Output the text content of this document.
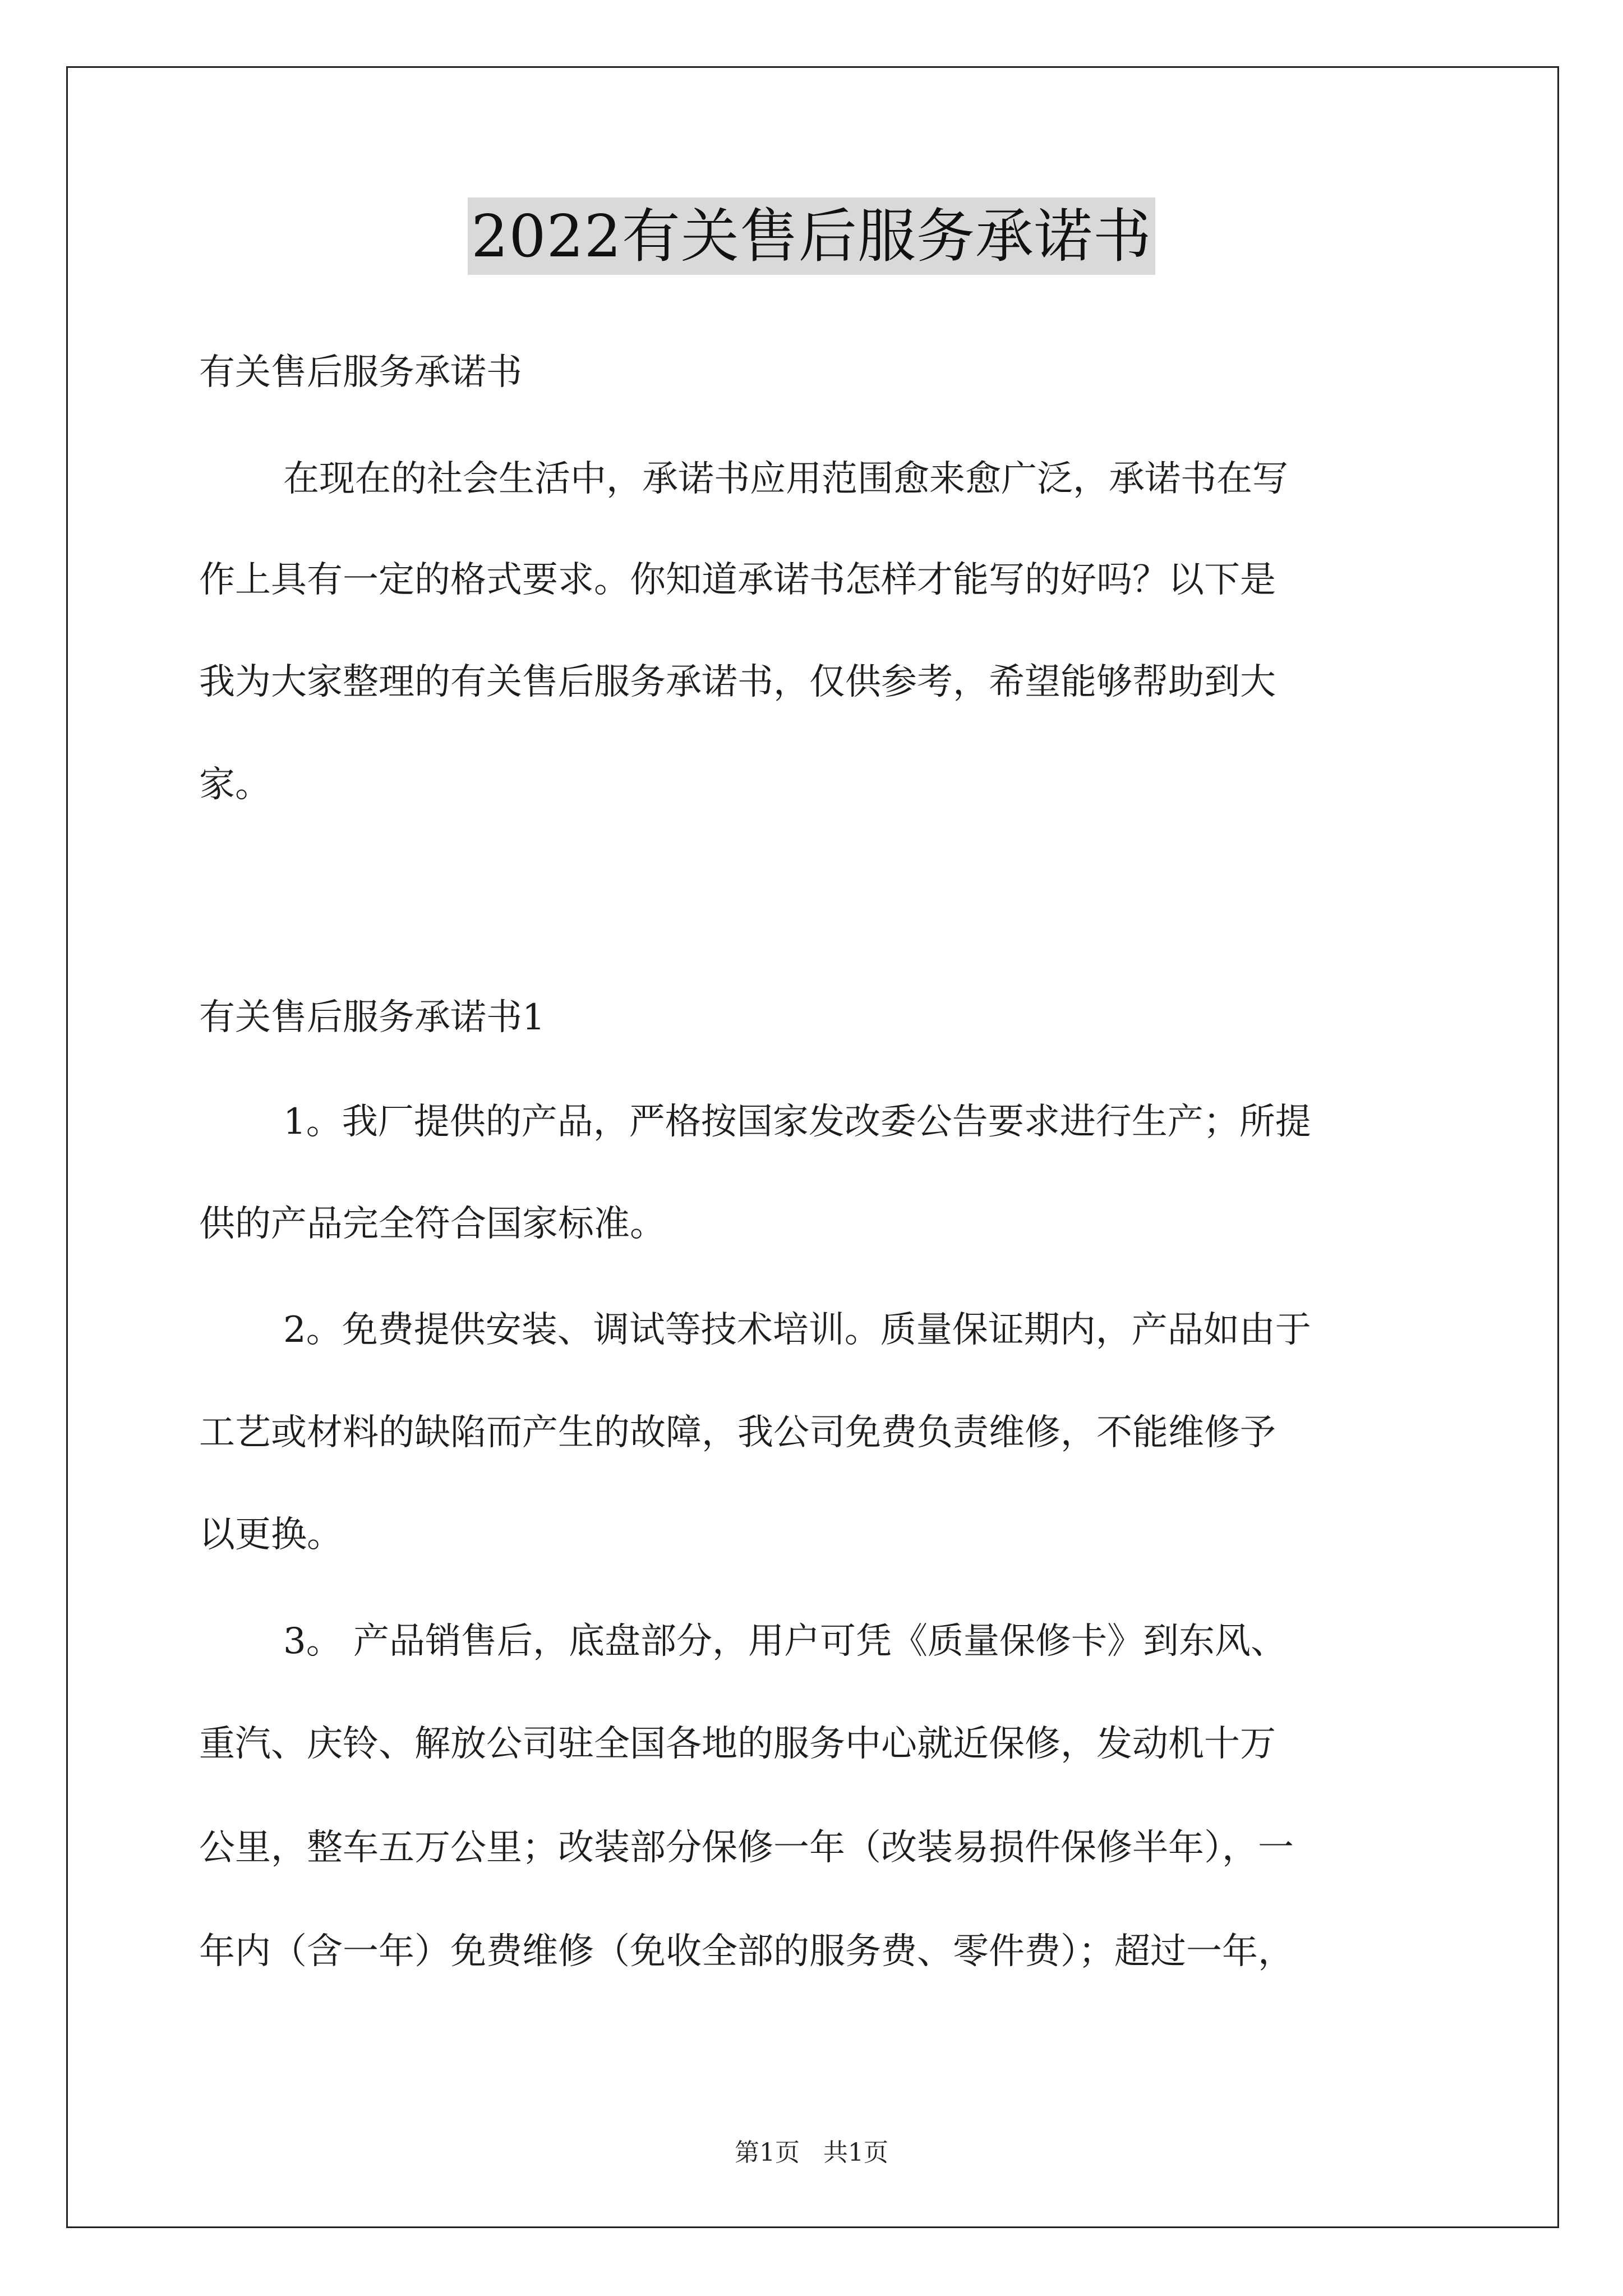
2022有关售后服务承诺书
有关售后服务承诺书
在现在的社会生活中，承诺书应用范围愈来愈广泛，承诺书在写
作上具有一定的格式要求。你知道承诺书怎样才能写的好吗？以下是
我为大家整理的有关售后服务承诺书，仅供参考，希望能够帮助到大
家。
有关售后服务承诺书1
1。我厂提供的产品，严格按国家发改委公告要求进行生产；所提
供的产品完全符合国家标准。
2。免费提供安装、调试等技术培训。质量保证期内，产品如由于
工艺或材料的缺陷而产生的故障，我公司免费负责维修，不能维修予
以更换。
3。 产品销售后，底盘部分，用户可凭《质量保修卡》到东风、
重汽、庆铃、解放公司驻全国各地的服务中心就近保修，发动机十万
公里，整车五万公里；改装部分保修一年（改装易损件保修半年），一
年内（含一年）免费维修（免收全部的服务费、零件费）；超过一年，
第1页 共1页
